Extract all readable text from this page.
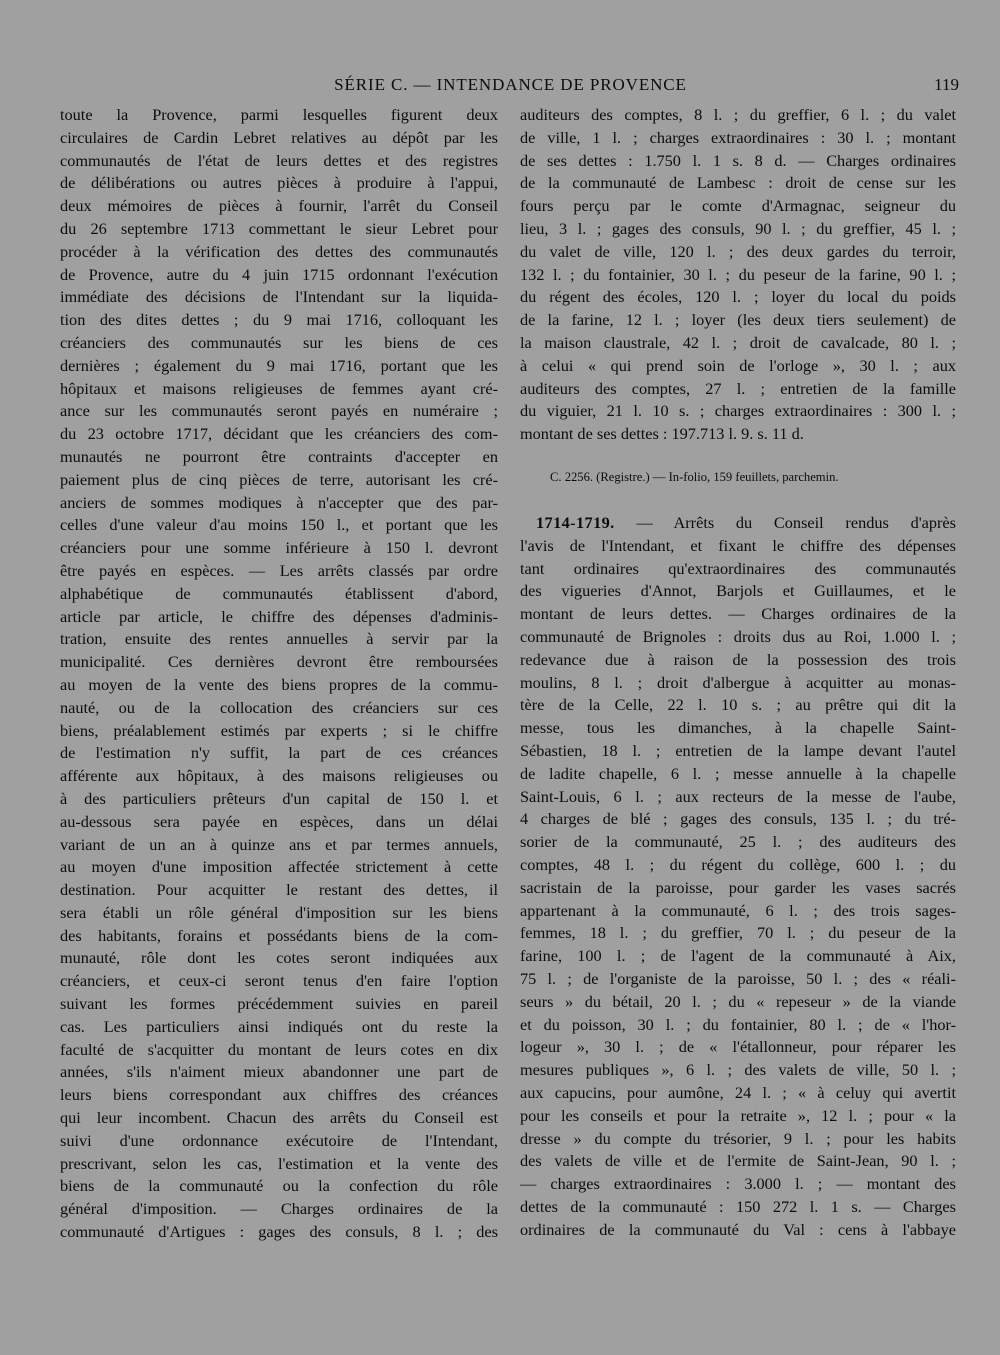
SÉRIE C. — INTENDANCE DE PROVENCE	119
toute la Provence, parmi lesquelles figurent deux
circulaires de Cardin Lebret relatives au dépôt par les
communautés de l'état de leurs dettes et des registres
de délibérations ou autres pièces à produire à l'appui,
deux mémoires de pièces à fournir, l'arrêt du Conseil
du 26 septembre 1713 commettant le sieur Lebret pour
procéder à la vérification des dettes des communautés
de Provence, autre du 4 juin 1715 ordonnant l'exécution
immédiate des décisions de l'Intendant sur la liquida-
tion des dites dettes ; du 9 mai 1716, colloquant les
créanciers des communautés sur les biens de ces
dernières ; également du 9 mai 1716, portant que les
hôpitaux et maisons religieuses de femmes ayant cré-
ance sur les communautés seront payés en numéraire ;
du 23 octobre 1717, décidant que les créanciers des com-
munautés ne pourront être contraints d'accepter en
paiement plus de cinq pièces de terre, autorisant les cré-
anciers de sommes modiques à n'accepter que des par-
celles d'une valeur d'au moins 150 l., et portant que les
créanciers pour une somme inférieure à 150 l. devront
être payés en espèces. — Les arrêts classés par ordre
alphabétique de communautés établissent d'abord,
article par article, le chiffre des dépenses d'adminis-
tration, ensuite des rentes annuelles à servir par la
municipalité. Ces dernières devront être remboursées
au moyen de la vente des biens propres de la commu-
nauté, ou de la collocation des créanciers sur ces
biens, préalablement estimés par experts ; si le chiffre
de l'estimation n'y suffit, la part de ces créances
afférente aux hôpitaux, à des maisons religieuses ou
à des particuliers prêteurs d'un capital de 150 l. et
au-dessous sera payée en espèces, dans un délai
variant de un an à quinze ans et par termes annuels,
au moyen d'une imposition affectée strictement à cette
destination. Pour acquitter le restant des dettes, il
sera établi un rôle général d'imposition sur les biens
des habitants, forains et possédants biens de la com-
munauté, rôle dont les cotes seront indiquées aux
créanciers, et ceux-ci seront tenus d'en faire l'option
suivant les formes précédemment suivies en pareil
cas. Les particuliers ainsi indiqués ont du reste la
faculté de s'acquitter du montant de leurs cotes en dix
années, s'ils n'aiment mieux abandonner une part de
leurs biens correspondant aux chiffres des créances
qui leur incombent. Chacun des arrêts du Conseil est
suivi d'une ordonnance exécutoire de l'Intendant,
prescrivant, selon les cas, l'estimation et la vente des
biens de la communauté ou la confection du rôle
général d'imposition. — Charges ordinaires de la
communauté d'Artigues : gages des consuls, 8 l. ; des
auditeurs des comptes, 8 l. ; du greffier, 6 l. ; du valet
de ville, 1 l. ; charges extraordinaires : 30 l. ; montant
de ses dettes : 1.750 l. 1 s. 8 d. — Charges ordinaires
de la communauté de Lambesc : droit de cense sur les
fours perçu par le comte d'Armagnac, seigneur du
lieu, 3 l. ; gages des consuls, 90 l. ; du greffier, 45 l. ;
du valet de ville, 120 l. ; des deux gardes du terroir,
132 l. ; du fontainier, 30 l. ; du peseur de la farine, 90 l. ;
du régent des écoles, 120 l. ; loyer du local du poids
de la farine, 12 l. ; loyer (les deux tiers seulement) de
la maison claustrale, 42 l. ; droit de cavalcade, 80 l. ;
à celui « qui prend soin de l'orloge », 30 l. ; aux
auditeurs des comptes, 27 l. ; entretien de la famille
du viguier, 21 l. 10 s. ; charges extraordinaires : 300 l. ;
montant de ses dettes : 197.713 l. 9. s. 11 d.
C. 2256. (Registre.) — In-folio, 159 feuillets, parchemin.
1714-1719. — Arrêts du Conseil rendus d'après
l'avis de l'Intendant, et fixant le chiffre des dépenses
tant ordinaires qu'extraordinaires des communautés
des vigueries d'Annot, Barjols et Guillaumes, et le
montant de leurs dettes. — Charges ordinaires de la
communauté de Brignoles : droits dus au Roi, 1.000 l. ;
redevance due à raison de la possession des trois
moulins, 8 l. ; droit d'albergue à acquitter au monas-
tère de la Celle, 22 l. 10 s. ; au prêtre qui dit la
messe, tous les dimanches, à la chapelle Saint-
Sébastien, 18 l. ; entretien de la lampe devant l'autel
de ladite chapelle, 6 l. ; messe annuelle à la chapelle
Saint-Louis, 6 l. ; aux recteurs de la messe de l'aube,
4 charges de blé ; gages des consuls, 135 l. ; du tré-
sorier de la communauté, 25 l. ; des auditeurs des
comptes, 48 l. ; du régent du collège, 600 l. ; du
sacristain de la paroisse, pour garder les vases sacrés
appartenant à la communauté, 6 l. ; des trois sages-
femmes, 18 l. ; du greffier, 70 l. ; du peseur de la
farine, 100 l. ; de l'agent de la communauté à Aix,
75 l. ; de l'organiste de la paroisse, 50 l. ; des « réali-
seurs » du bétail, 20 l. ; du « repeseur » de la viande
et du poisson, 30 l. ; du fontainier, 80 l. ; de « l'hor-
logeur », 30 l. ; de « l'étallonneur, pour réparer les
mesures publiques », 6 l. ; des valets de ville, 50 l. ;
aux capucins, pour aumône, 24 l. ; « à celuy qui avertit
pour les conseils et pour la retraite », 12 l. ; pour « la
dresse » du compte du trésorier, 9 l. ; pour les habits
des valets de ville et de l'ermite de Saint-Jean, 90 l. ;
— charges extraordinaires : 3.000 l. ; — montant des
dettes de la communauté : 150 272 l. 1 s. — Charges
ordinaires de la communauté du Val : cens à l'abbaye
